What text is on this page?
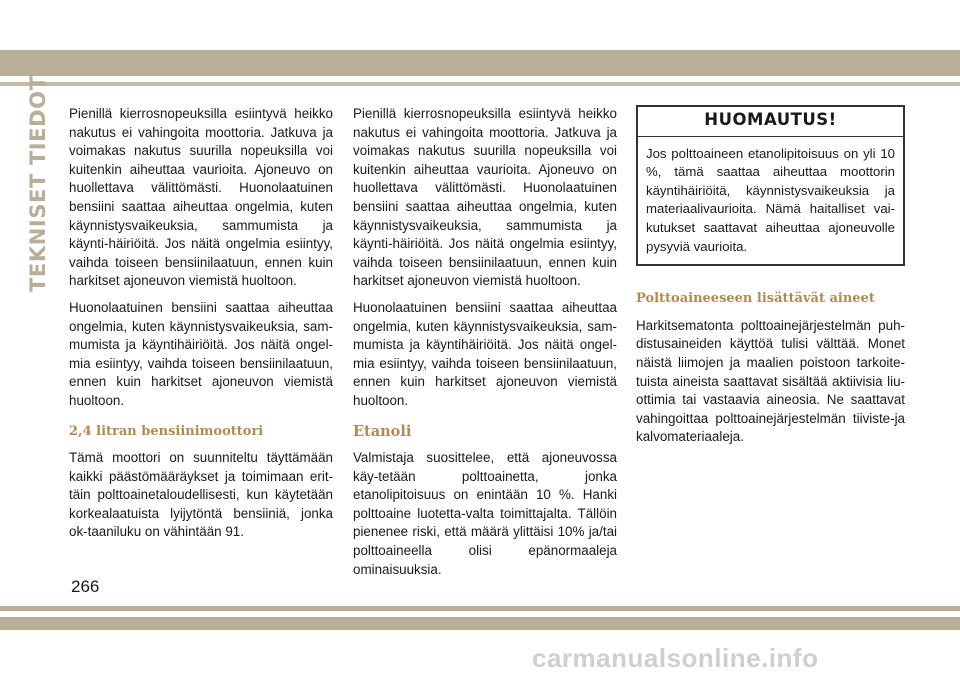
TEKNISET TIEDOT Pienillä kierrosnopeuksilla esiintyvä heikko nakutus ei vahingoita moottoria. Jatkuva ja voimakas nakutus suurilla nopeuksilla voi kuitenkin aiheuttaa vaurioita. Ajoneuvo on huollettava välittömästi. Huonolaatuinen bensiini saattaa aiheuttaa ongelmia, kuten käynnistysvaikeuksia, sammumista ja käynti-häiriöitä. Jos näitä ongelmia esiintyy, vaihda toiseen bensiinilaatuun, ennen kuin harkitset ajoneuvon viemistä huoltoon.

Huonolaatuinen bensiini saattaa aiheuttaa ongelmia, kuten käynnistysvaikeuksia, sam-mumista ja käyntihäiriöitä. Jos näitä ongel-mia esiintyy, vaihda toiseen bensiinilaatuun, ennen kuin harkitset ajoneuvon viemistä huoltoon.

2,4 litran bensiinimoottori

Tämä moottori on suunniteltu täyttämään kaikki päästömääräykset ja toimimaan erit-täin polttoainetaloudellisesti, kun käytetään korkealaatuista lyijytöntä bensiiniä, jonka ok-taaniluku on vähintään 91.

Pienillä kierrosnopeuksilla esiintyvä heikko nakutus ei vahingoita moottoria. Jatkuva ja voimakas nakutus suurilla nopeuksilla voi kuitenkin aiheuttaa vaurioita. Ajoneuvo on huollettava välittömästi. Huonolaatuinen bensiini saattaa aiheuttaa ongelmia, kuten käynnistysvaikeuksia, sammumista ja käynti-häiriöitä. Jos näitä ongelmia esiintyy, vaihda toiseen bensiinilaatuun, ennen kuin harkitset ajoneuvon viemistä huoltoon.

Huonolaatuinen bensiini saattaa aiheuttaa ongelmia, kuten käynnistysvaikeuksia, sam-mumista ja käyntihäiriöitä. Jos näitä ongel-mia esiintyy, vaihda toiseen bensiinilaatuun, ennen kuin harkitset ajoneuvon viemistä huoltoon.

Etanoli

Valmistaja suosittelee, että ajoneuvossa käy-tetään polttoainetta, jonka etanolipitoisuus on enintään 10 %. Hanki polttoaine luotetta-valta toimittajalta. Tällöin pienenee riski, että määrä ylittäisi 10% ja/tai polttoaineella olisi epänormaaleja ominaisuuksia.

HUOMAUTUS!
Jos polttoaineen etanolipitoisuus on yli 10 %, tämä saattaa aiheuttaa moottorin käyntihäiriöitä, käynnistysvaikeuksia ja materiaalivaurioita. Nämä haitalliset vai-kutukset saattavat aiheuttaa ajoneuvolle pysyviä vaurioita.
Polttoaineeseen lisättävät aineet

Harkitsematonta polttoainejärjestelmän puh-distusaineiden käyttöä tulisi välttää. Monet näistä liimojen ja maalien poistoon tarkoite-tuista aineista saattavat sisältää aktiivisia liu-ottimia tai vastaavia aineosia. Ne saattavat vahingoittaa polttoainejärjestelmän tiiviste-ja kalvomateriaaleja.

266
carmanualsonline.info
